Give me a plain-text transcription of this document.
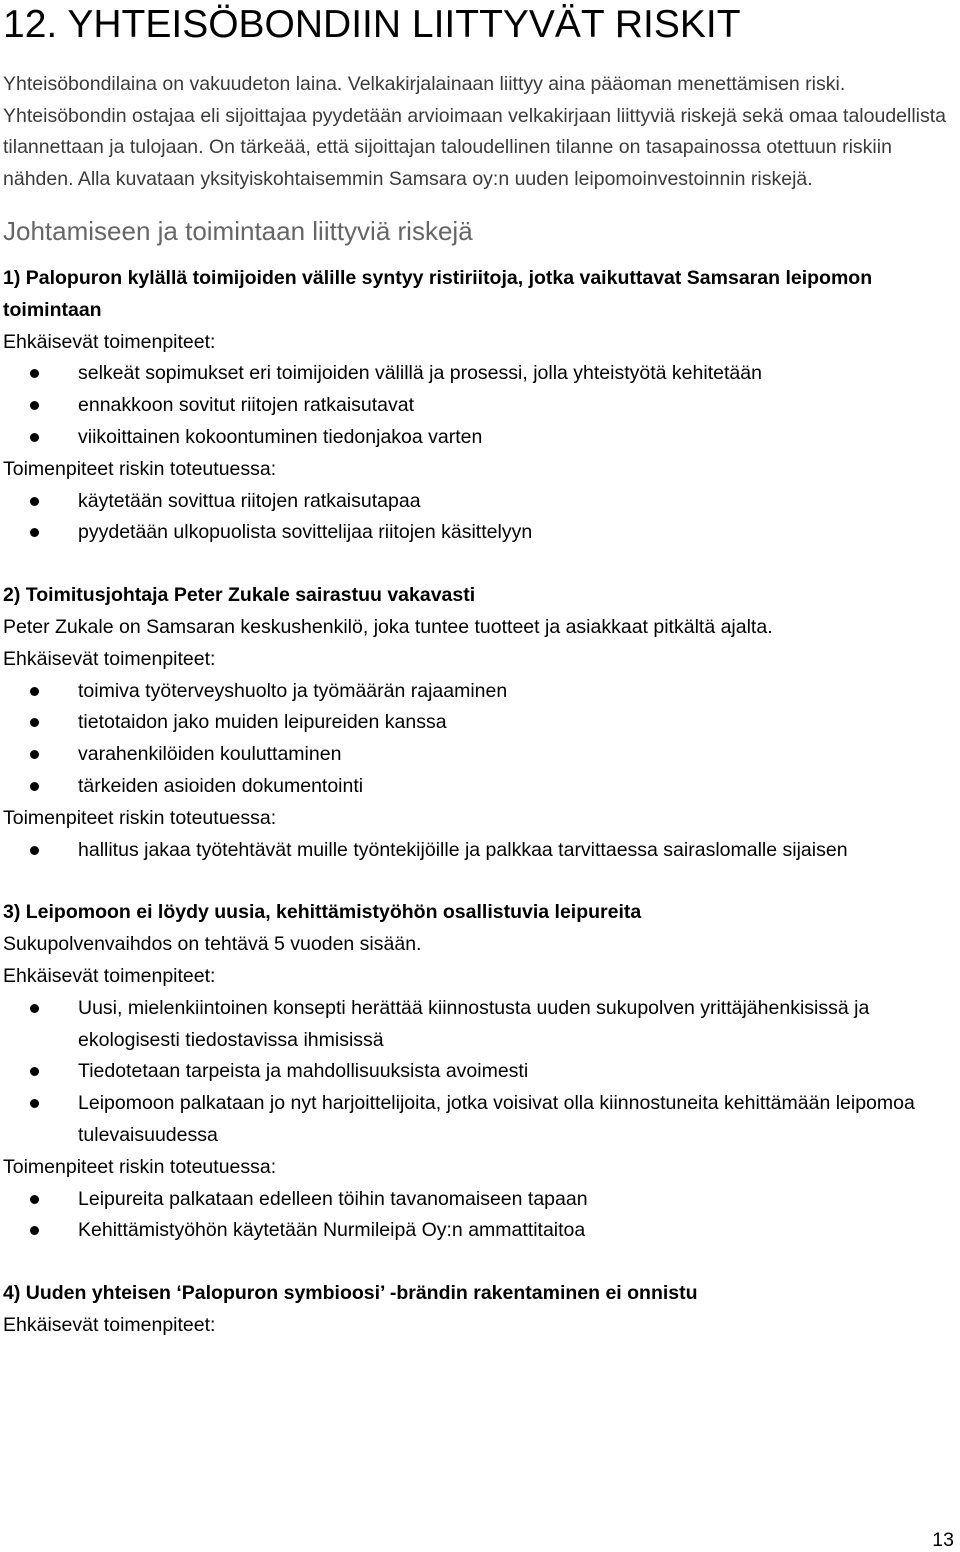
12. YHTEISÖBONDIIN LIITTYVÄT RISKIT

Yhteisöbondilaina on vakuudeton laina. Velkakirjalainaan liittyy aina pääoman menettämisen riski. Yhteisöbondin ostajaa eli sijoittajaa pyydetään arvioimaan velkakirjaan liittyviä riskejä sekä omaa taloudellista tilannettaan ja tulojaan. On tärkeää, että sijoittajan taloudellinen tilanne on tasapainossa otettuun riskiin nähden. Alla kuvataan yksityiskohtaisemmin Samsara oy:n uuden leipomoinvestoinnin riskejä.

Johtamiseen ja toimintaan liittyviä riskejä

1) Palopuron kylällä toimijoiden välille syntyy ristiriitoja, jotka vaikuttavat Samsaran leipomon toimintaan

Ehkäisevät toimenpiteet:

selkeät sopimukset eri toimijoiden välillä ja prosessi, jolla yhteistyötä kehitetään
ennakkoon sovitut riitojen ratkaisutavat
viikoittainen kokoontuminen tiedonjakoa varten

Toimenpiteet riskin toteutuessa:

käytetään sovittua riitojen ratkaisutapaa
pyydetään ulkopuolista sovittelijaa riitojen käsittelyyn

2) Toimitusjohtaja Peter Zukale sairastuu vakavasti

Peter Zukale on Samsaran keskushenkilö, joka tuntee tuotteet ja asiakkaat pitkältä ajalta.

Ehkäisevät toimenpiteet:

toimiva työterveyshuolto ja työmäärän rajaaminen
tietotaidon jako muiden leipureiden kanssa
varahenkilöiden kouluttaminen
tärkeiden asioiden dokumentointi

Toimenpiteet riskin toteutuessa:

hallitus jakaa työtehtävät muille työntekijöille ja palkkaa tarvittaessa sairaslomalle sijaisen

3) Leipomoon ei löydy uusia, kehittämistyöhön osallistuvia leipureita

Sukupolvenvaihdos on tehtävä 5 vuoden sisään.

Ehkäisevät toimenpiteet:

Uusi, mielenkiintoinen konsepti herättää kiinnostusta uuden sukupolven yrittäjähenkisissä ja ekologisesti tiedostavissa ihmisissä
Tiedotetaan tarpeista ja mahdollisuuksista avoimesti
Leipomoon palkataan jo nyt harjoittelijoita, jotka voisivat olla kiinnostuneita kehittämään leipomoa tulevaisuudessa

Toimenpiteet riskin toteutuessa:

Leipureita palkataan edelleen töihin tavanomaiseen tapaan
Kehittämistyöhön käytetään Nurmileipä Oy:n ammattitaitoa

4) Uuden yhteisen ‘Palopuron symbioosi’ -brändin rakentaminen ei onnistu

Ehkäisevät toimenpiteet:

13
